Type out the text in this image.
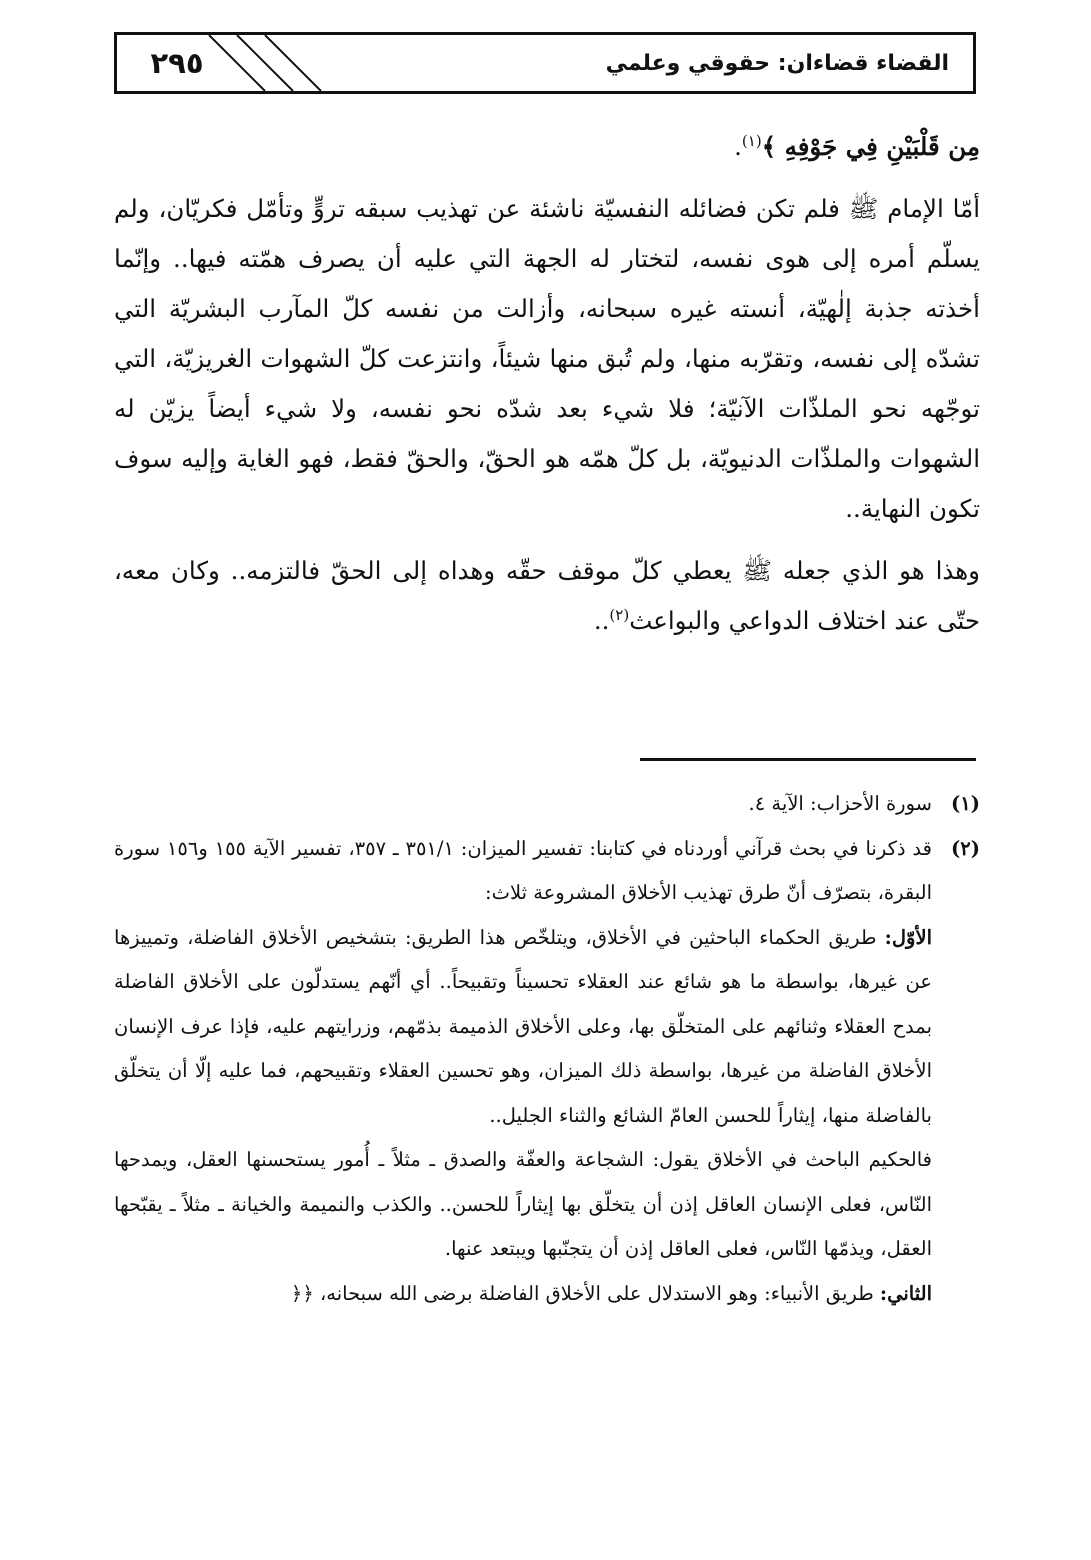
٢٩٥	القضاء قضاءان: حقوقي وعلمي

مِن قَلْبَيْنِ فِي جَوْفِهِ ﴾$^{(١)}$.

أمّا الإمام ﷺ فلم تكن فضائله النفسيّة ناشئة عن تهذيب سبقه تروٍّ وتأمّل فكريّان، ولم يسلّم أمره إلى هوى نفسه، لتختار له الجهة التي عليه أن يصرف همّته فيها.. وإنّما أخذته جذبة إلٰهيّة، أنسته غيره سبحانه، وأزالت من نفسه كلّ المآرب البشريّة التي تشدّه إلى نفسه، وتقرّبه منها، ولم تُبق منها شيئاً، وانتزعت كلّ الشهوات الغريزيّة، التي توجّهه نحو الملذّات الآنيّة؛ فلا شيء بعد شدّه نحو نفسه، ولا شيء أيضاً يزيّن له الشهوات والملذّات الدنيويّة، بل كلّ همّه هو الحقّ، والحقّ فقط، فهو الغاية وإليه سوف تكون النهاية..

وهذا هو الذي جعله ﷺ يعطي كلّ موقف حقّه وهداه إلى الحقّ فالتزمه.. وكان معه، حتّى عند اختلاف الدواعي والبواعث$^{(٢)}$..

(١)
سورة الأحزاب: الآية ٤.
(٢)
قد ذكرنا في بحث قرآني أوردناه في كتابنا: تفسير الميزان: ٣٥١/١ ـ ٣٥٧، تفسير الآية ١٥٥ و١٥٦ سورة البقرة، بتصرّف أنّ طرق تهذيب الأخلاق المشروعة ثلاث:

الأوّل: طريق الحكماء الباحثين في الأخلاق، ويتلخّص هذا الطريق: بتشخيص الأخلاق الفاضلة، وتمييزها عن غيرها، بواسطة ما هو شائع عند العقلاء تحسيناً وتقبيحاً.. أي أنّهم يستدلّون على الأخلاق الفاضلة بمدح العقلاء وثنائهم على المتخلّق بها، وعلى الأخلاق الذميمة بذمّهم، وزرايتهم عليه، فإذا عرف الإنسان الأخلاق الفاضلة من غيرها، بواسطة ذلك الميزان، وهو تحسين العقلاء وتقبيحهم، فما عليه إلّا أن يتخلّق بالفاضلة منها، إيثاراً للحسن العامّ الشائع والثناء الجليل..

فالحكيم الباحث في الأخلاق يقول: الشجاعة والعفّة والصدق ـ مثلاً ـ أُمور يستحسنها العقل، ويمدحها النّاس، فعلى الإنسان العاقل إذن أن يتخلّق بها إيثاراً للحسن.. والكذب والنميمة والخيانة ـ مثلاً ـ يقبّحها العقل، ويذمّها النّاس، فعلى العاقل إذن أن يتجنّبها ويبتعد عنها.

الثاني: طريق الأنبياء: وهو الاستدلال على الأخلاق الفاضلة برضى الله سبحانه، ﴿﴿
